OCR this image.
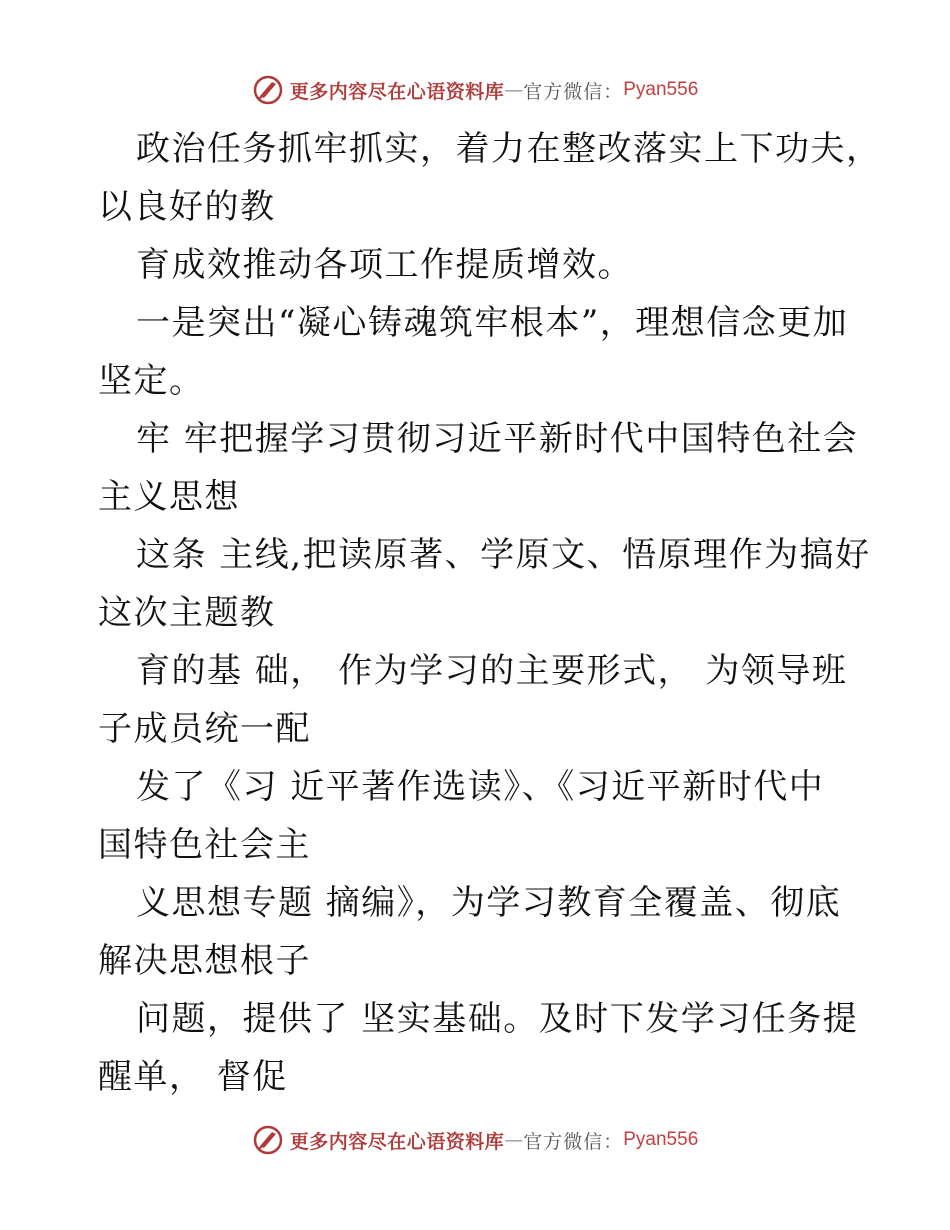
更多内容尽在心语资料库 — 官方微信： Pyan556

政治任务抓牢抓实，着力在整改落实上下功夫，

以良好的教

育成效推动各项工作提质增效。

一是突出“凝心铸魂筑牢根本”，理想信念更加

坚定。

牢 牢把握学习贯彻习近平新时代中国特色社会

主义思想

这条 主线,把读原著、学原文、悟原理作为搞好

这次主题教

育的基 础， 作为学习的主要形式， 为领导班

子成员统一配

发了《习 近平著作选读》、《习近平新时代中

国特色社会主

义思想专题 摘编》，为学习教育全覆盖、彻底

解决思想根子

问题，提供了 坚实基础。及时下发学习任务提

醒单， 督促

更多内容尽在心语资料库 — 官方微信： Pyan556
